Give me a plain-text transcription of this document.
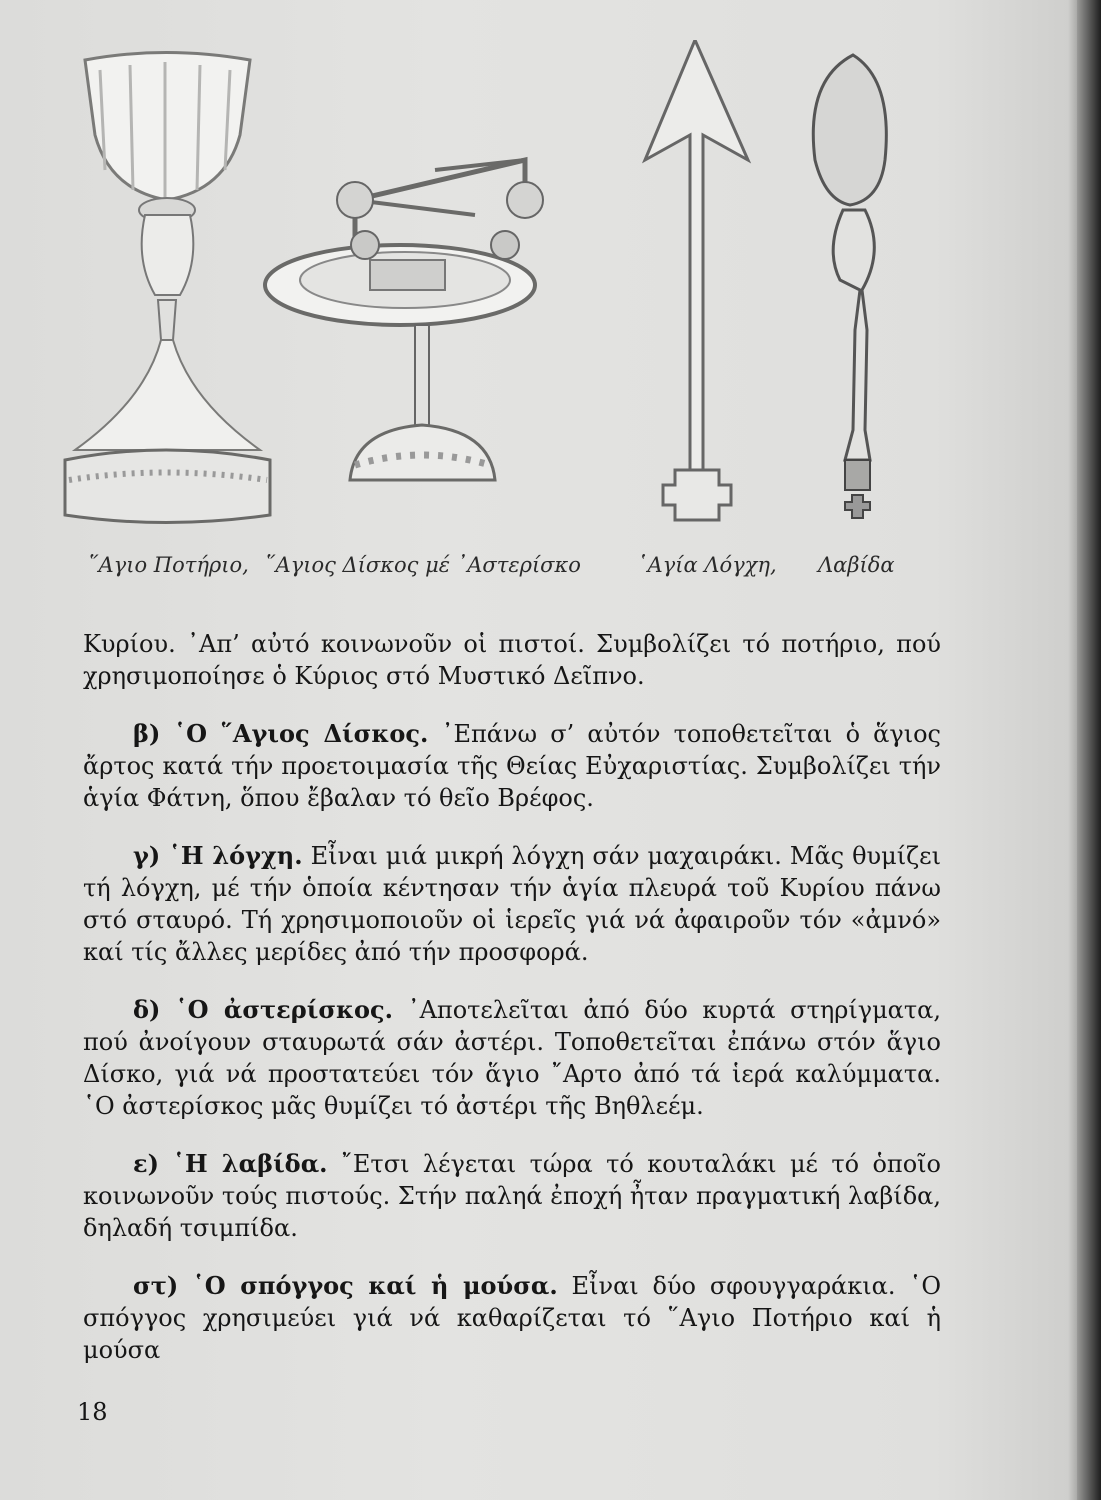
῞Αγιο Ποτήριο, ῞Αγιος Δίσκος μέ ᾿Αστερίσκο	῾Αγία Λόγχη, Λαβίδα

Κυρίου. ᾿Απ’ αὐτό κοινωνοῦν οἱ πιστοί. Συμβολίζει τό ποτήριο, πού χρησιμοποίησε ὁ Κύριος στό Μυστικό Δεῖπνο.

β) ῾Ο ῞Αγιος Δίσκος. ᾿Επάνω σ’ αὐτόν τοποθετεῖται ὁ ἅγιος ἄρτος κατά τήν προετοιμασία τῆς Θείας Εὐχαριστίας. Συμβολίζει τήν ἁγία Φάτνη, ὅπου ἔβαλαν τό θεῖο Βρέφος.

γ) ῾Η λόγχη. Εἶναι μιά μικρή λόγχη σάν μαχαιράκι. Μᾶς θυμίζει τή λόγχη, μέ τήν ὁποία κέντησαν τήν ἁγία πλευρά τοῦ Κυρίου πάνω στό σταυρό. Τή χρησιμοποιοῦν οἱ ἱερεῖς γιά νά ἀφαιροῦν τόν «ἀμνό» καί τίς ἄλλες μερίδες ἀπό τήν προσφορά.

δ) ῾Ο ἀστερίσκος. ᾿Αποτελεῖται ἀπό δύο κυρτά στηρίγματα, πού ἀνοίγουν σταυρωτά σάν ἀστέρι. Τοποθετεῖται ἐπάνω στόν ἅγιο Δίσκο, γιά νά προστατεύει τόν ἅγιο ῎Αρτο ἀπό τά ἱερά καλύμματα. ῾Ο ἀστερίσκος μᾶς θυμίζει τό ἀστέρι τῆς Βηθλεέμ.

ε) ῾Η λαβίδα. ῎Ετσι λέγεται τώρα τό κουταλάκι μέ τό ὁποῖο κοινωνοῦν τούς πιστούς. Στήν παληά ἐποχή ἦταν πραγματική λαβίδα, δηλαδή τσιμπίδα.

στ) ῾Ο σπόγγος καί ἡ μούσα. Εἶναι δύο σφουγγαράκια. ῾Ο σπόγγος χρησιμεύει γιά νά καθαρίζεται τό ῞Αγιο Ποτήριο καί ἡ μούσα

18
